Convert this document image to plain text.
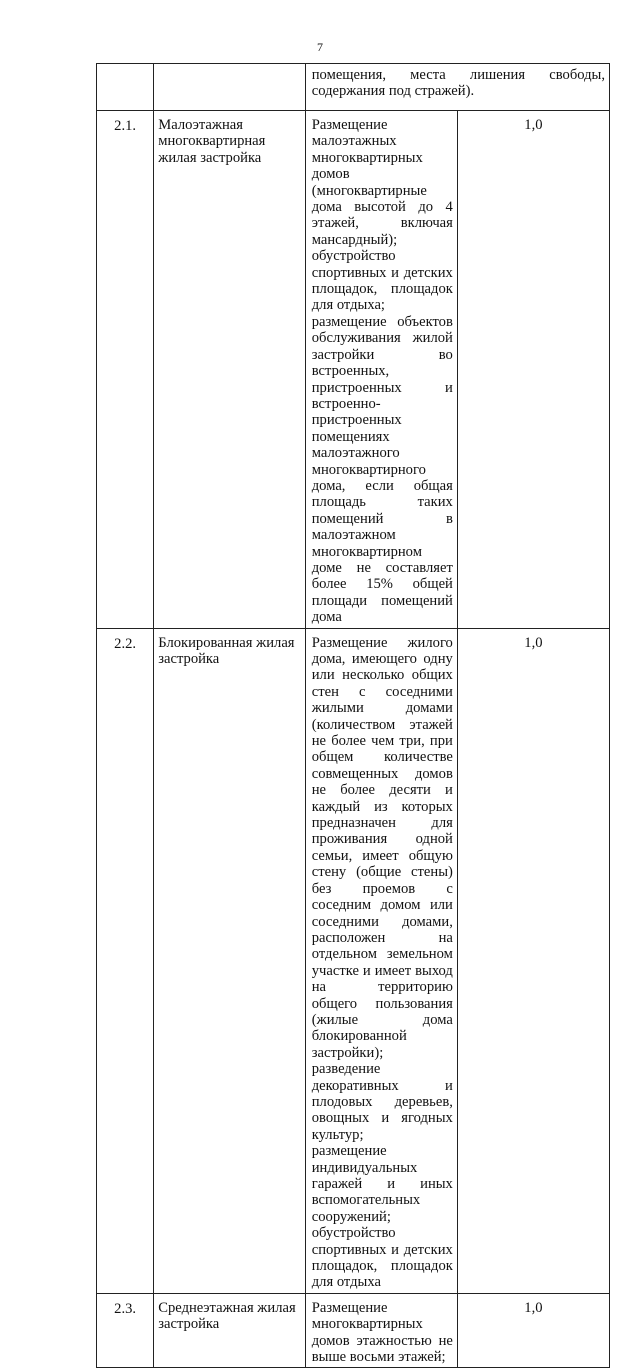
7

		помещения, места лишения свободы, содержания под стражей).	

2.1.	Малоэтажная многоквартирная жилая застройка	Размещение малоэтажных многоквартирных домов (многоквартирные дома высотой до 4 этажей, включая мансардный);
обустройство спортивных и детских площадок, площадок для отдыха;
размещение объектов обслуживания жилой застройки во встроенных, пристроенных и встроенно-пристроенных помещениях малоэтажного многоквартирного дома, если общая площадь таких помещений в малоэтажном многоквартирном доме не составляет более 15% общей площади помещений дома	1,0

2.2.	Блокированная жилая застройка	Размещение жилого дома, имеющего одну или несколько общих стен с соседними жилыми домами (количеством этажей не более чем три, при общем количестве совмещенных домов не более десяти и каждый из которых предназначен для проживания одной семьи, имеет общую стену (общие стены) без проемов с соседним домом или соседними домами, расположен на отдельном земельном участке и имеет выход на территорию общего пользования (жилые дома блокированной застройки);
разведение декоративных и плодовых деревьев, овощных и ягодных культур;
размещение индивидуальных гаражей и иных вспомогательных сооружений;
обустройство спортивных и детских площадок, площадок для отдыха	1,0

2.3.	Среднеэтажная жилая застройка	Размещение многоквартирных домов этажностью не выше восьми этажей;	1,0
